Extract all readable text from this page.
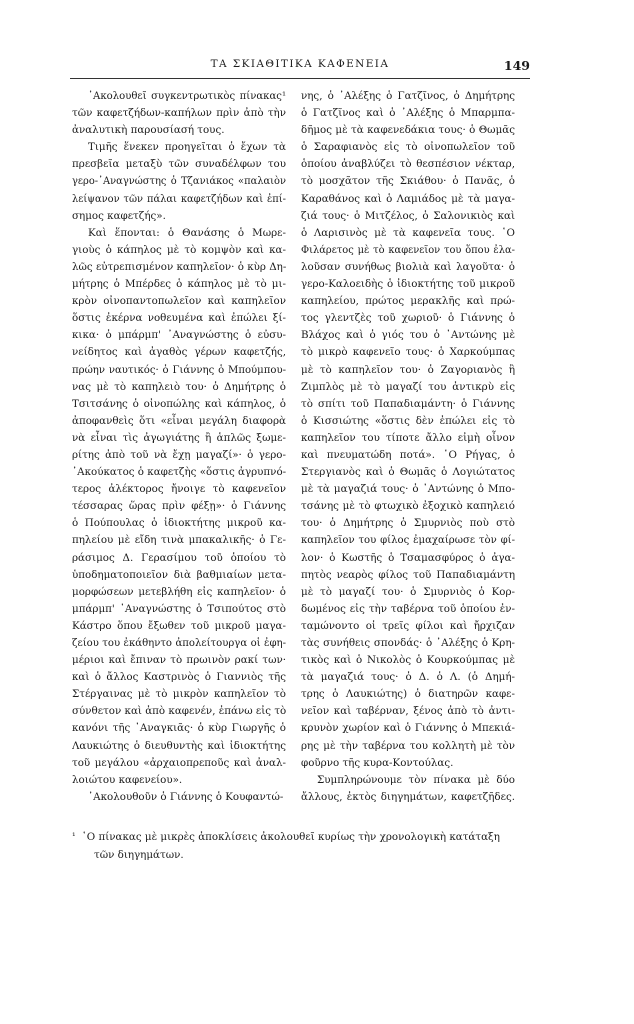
ΤΑ ΣΚΙΑΘΙΤΙΚΑ ΚΑΦΕΝΕΙΑ	149
᾿Ακολουθεῖ συγκεντρωτικὸς πίνακας¹
τῶν καφετζήδων-καπήλων πρὶν ἀπὸ τὴν
ἀναλυτικὴ παρουσίασή τους.
Τιμῆς ἕνεκεν προηγεῖται ὁ ἔχων τὰ
πρεσβεῖα μεταξὺ τῶν συναδέλφων του
γερο-᾿Αναγνώστης ὁ Τζανιάκος «παλαιὸν
λείψανον τῶν πάλαι καφετζήδων καὶ ἐπί-
σημος καφετζής».
Καὶ ἕπονται: ὁ Θανάσης ὁ Μωρε-
γιοὺς ὁ κάπηλος μὲ τὸ κομψὸν καὶ κα-
λῶς εὐτρεπισμένον καπηλεῖον· ὁ κὺρ Δη-
μήτρης ὁ Μπέρδες ὁ κάπηλος μὲ τὸ μι-
κρὸν οἰνοπαντοπωλεῖον καὶ καπηλεῖον
ὅστις ἐκέρνα νοθευμένα καὶ ἐπώλει ξί-
κικα· ὁ μπάρμπ' ᾿Αναγνώστης ὁ εὐσυ-
νείδητος καὶ ἀγαθὸς γέρων καφετζής,
πρώην ναυτικός· ὁ Γιάννης ὁ Μπούμπου-
νας μὲ τὸ καπηλειὸ του· ὁ Δημήτρης ὁ
Τσιτσάνης ὁ οἰνοπώλης καὶ κάπηλος, ὁ
ἀποφανθεὶς ὅτι «εἶναι μεγάλη διαφορὰ
νὰ εἶναι τὶς ἀγωγιάτης ἢ ἁπλῶς ξωμε-
ρίτης ἀπὸ τοῦ νὰ ἔχῃ μαγαζί»· ὁ γερο-
᾿Ακούκατος ὁ καφετζὴς «ὅστις ἀγρυπνό-
τερος ἀλέκτορος ἤνοιγε τὸ καφενεῖον
τέσσαρας ὥρας πρὶν φέξῃ»· ὁ Γιάννης
ὁ Πούπουλας ὁ ἰδιοκτήτης μικροῦ κα-
πηλείου μὲ εἴδη τινὰ μπακαλικῆς· ὁ Γε-
ράσιμος Δ. Γερασίμου τοῦ ὁποίου τὸ
ὑποδηματοποιεῖον διὰ βαθμιαίων μετα-
μορφώσεων μετεβλήθη εἰς καπηλεῖον· ὁ
μπάρμπ' ᾿Αναγνώστης ὁ Τσιπούτος στὸ
Κάστρο ὅπου ἔξωθεν τοῦ μικροῦ μαγα-
ζείου του ἐκάθηντο ἀπολείτουργα οἱ ἐφη-
μέριοι καὶ ἔπιναν τὸ πρωινὸν ρακί των·
καὶ ὁ ἄλλος Καστρινὸς ὁ Γιαννιὸς τῆς
Στέργαινας μὲ τὸ μικρὸν καπηλεῖον τὸ
σύνθετον καὶ ἀπὸ καφενέν, ἐπάνω εἰς τὸ
κανόνι τῆς ᾿Αναγκιᾶς· ὁ κὺρ Γιωργῆς ὁ
Λαυκιώτης ὁ διευθυντὴς καὶ ἰδιοκτήτης
τοῦ μεγάλου «ἀρχαιοπρεποῦς καὶ ἀναλ-
λοιώτου καφενείου».
᾿Ακολουθοῦν ὁ Γιάννης ὁ Κουφαντώ-
νης, ὁ ᾿Αλέξης ὁ Γατζῖνος, ὁ Δημήτρης
ὁ Γατζῖνος καὶ ὁ ᾿Αλέξης ὁ Μπαρμπα-
δῆμος μὲ τὰ καφενεδάκια τους· ὁ Θωμᾶς
ὁ Σαραφιανὸς εἰς τὸ οἰνοπωλεῖον τοῦ
ὁποίου ἀναβλύζει τὸ θεσπέσιον νέκταρ,
τὸ μοσχᾶτον τῆς Σκιάθου· ὁ Πανᾶς, ὁ
Καραθάνος καὶ ὁ Λαμιάδος μὲ τὰ μαγα-
ζιά τους· ὁ Μιτζέλος, ὁ Σαλονικιὸς καὶ
ὁ Λαρισινὸς μὲ τὰ καφενεῖα τους. ῾Ο
Φιλάρετος μὲ τὸ καφενεῖον του ὅπου ἐλα-
λοῦσαν συνήθως βιολιὰ καὶ λαγοῦτα· ὁ
γερο-Καλοειδὴς ὁ ἰδιοκτήτης τοῦ μικροῦ
καπηλείου, πρώτος μερακλῆς καὶ πρώ-
τος γλεντζὲς τοῦ χωριοῦ· ὁ Γιάννης ὁ
Βλάχος καὶ ὁ γιός του ὁ ᾿Αντώνης μὲ
τὸ μικρὸ καφενεῖο τους· ὁ Χαρκούμπας
μὲ τὸ καπηλεῖον του· ὁ Ζαγοριανὸς ἢ
Ζιμπλὸς μὲ τὸ μαγαζί του ἀντικρὺ εἰς
τὸ σπίτι τοῦ Παπαδιαμάντη· ὁ Γιάννης
ὁ Κισσιώτης «ὅστις δὲν ἐπώλει εἰς τὸ
καπηλεῖον του τίποτε ἄλλο εἰμὴ οἶνον
καὶ πνευματώδη ποτά». ῾Ο Ρήγας, ὁ
Στεργιανὸς καὶ ὁ Θωμᾶς ὁ Λογιώτατος
μὲ τὰ μαγαζιά τους· ὁ ᾿Αντώνης ὁ Μπο-
τσάνης μὲ τὸ φτωχικὸ ἐξοχικὸ καπηλειό
του· ὁ Δημήτρης ὁ Σμυρνιὸς ποὺ στὸ
καπηλεῖον του φίλος ἐμαχαίρωσε τὸν φί-
λον· ὁ Κωστῆς ὁ Τσαμασφύρος ὁ ἀγα-
πητὸς νεαρὸς φίλος τοῦ Παπαδιαμάντη
μὲ τὸ μαγαζί του· ὁ Σμυρνιὸς ὁ Κορ-
δωμένος εἰς τὴν ταβέρνα τοῦ ὁποίου ἐν-
ταμώνοντο οἱ τρεῖς φίλοι καὶ ἤρχιζαν
τὰς συνήθεις σπονδάς· ὁ ᾿Αλέξης ὁ Κρη-
τικὸς καὶ ὁ Νικολὸς ὁ Κουρκούμπας μὲ
τὰ μαγαζιά τους· ὁ Δ. ὁ Λ. (ὁ Δημή-
τρης ὁ Λαυκιώτης) ὁ διατηρῶν καφε-
νεῖον καὶ ταβέρναν, ξένος ἀπὸ τὸ ἀντι-
κρυνὸν χωρίον καὶ ὁ Γιάννης ὁ Μπεκιά-
ρης μὲ τὴν ταβέρνα του κολλητὴ μὲ τὸν
φοῦρνο τῆς κυρα-Κοντούλας.
Συμπληρώνουμε τὸν πίνακα μὲ δύο
ἄλλους, ἐκτὸς διηγημάτων, καφετζῆδες.
¹ ῾Ο πίνακας μὲ μικρὲς ἀποκλίσεις ἀκολουθεῖ κυρίως τὴν χρονολογικὴ κατάταξη
τῶν διηγημάτων.
